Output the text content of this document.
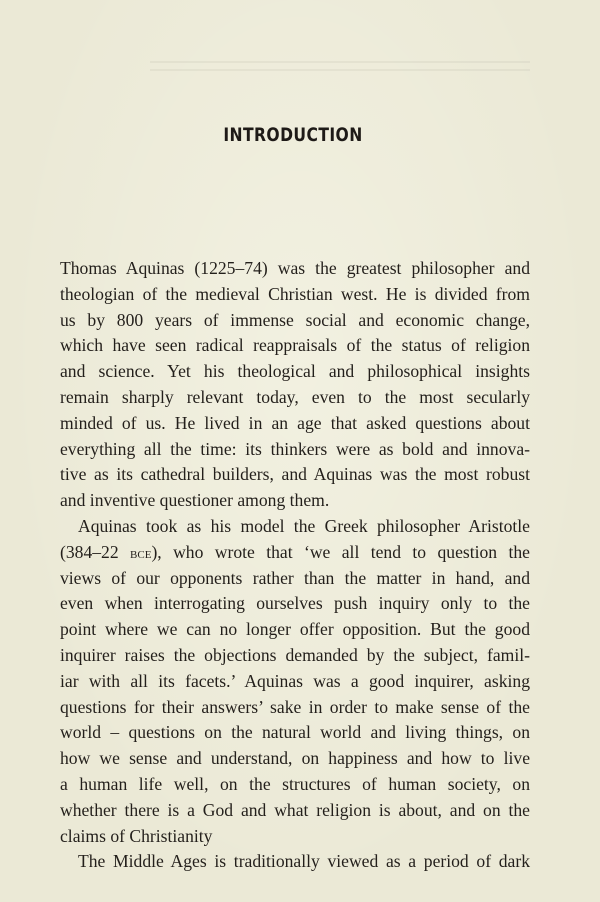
INTRODUCTION
Thomas Aquinas (1225–74) was the greatest philosopher and
theologian of the medieval Christian west. He is divided from
us by 800 years of immense social and economic change,
which have seen radical reappraisals of the status of religion
and science. Yet his theological and philosophical insights
remain sharply relevant today, even to the most secularly
minded of us. He lived in an age that asked questions about
everything all the time: its thinkers were as bold and innova-
tive as its cathedral builders, and Aquinas was the most robust
and inventive questioner among them.
Aquinas took as his model the Greek philosopher Aristotle
(384–22 bce), who wrote that ‘we all tend to question the
views of our opponents rather than the matter in hand, and
even when interrogating ourselves push inquiry only to the
point where we can no longer offer opposition. But the good
inquirer raises the objections demanded by the subject, famil-
iar with all its facets.’ Aquinas was a good inquirer, asking
questions for their answers’ sake in order to make sense of the
world – questions on the natural world and living things, on
how we sense and understand, on happiness and how to live
a human life well, on the structures of human society, on
whether there is a God and what religion is about, and on the
claims of Christianity
The Middle Ages is traditionally viewed as a period of dark
